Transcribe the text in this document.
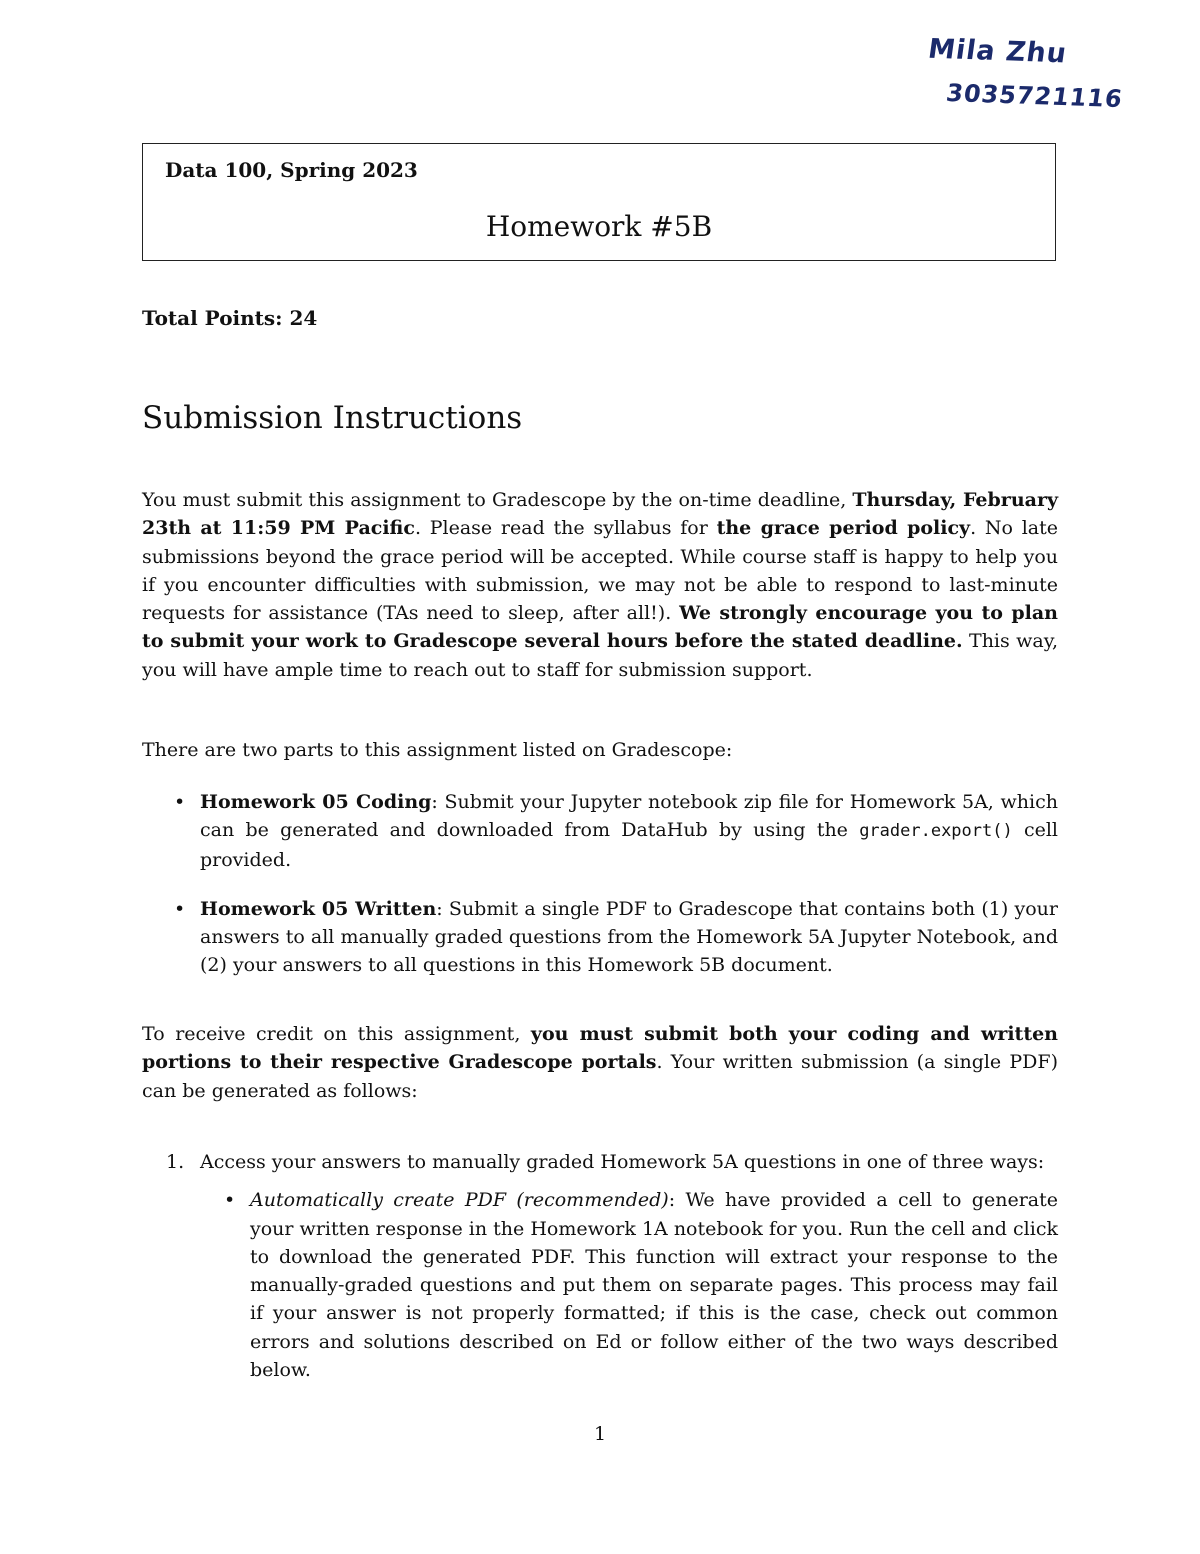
Mila Zhu
3035721116
Data 100, Spring 2023
Homework #5B
Total Points: 24
Submission Instructions
You must submit this assignment to Gradescope by the on-time deadline, Thursday, February 23th at 11:59 PM Pacific. Please read the syllabus for the grace period policy. No late submissions beyond the grace period will be accepted. While course staff is happy to help you if you encounter difficulties with submission, we may not be able to respond to last-minute requests for assistance (TAs need to sleep, after all!). We strongly encourage you to plan to submit your work to Gradescope several hours before the stated deadline. This way, you will have ample time to reach out to staff for submission support.
There are two parts to this assignment listed on Gradescope:
• Homework 05 Coding: Submit your Jupyter notebook zip file for Homework 5A, which can be generated and downloaded from DataHub by using the grader.export() cell provided.
• Homework 05 Written: Submit a single PDF to Gradescope that contains both (1) your answers to all manually graded questions from the Homework 5A Jupyter Notebook, and (2) your answers to all questions in this Homework 5B document.
To receive credit on this assignment, you must submit both your coding and written portions to their respective Gradescope portals. Your written submission (a single PDF) can be generated as follows:
1. Access your answers to manually graded Homework 5A questions in one of three ways:
• Automatically create PDF (recommended): We have provided a cell to generate your written response in the Homework 1A notebook for you. Run the cell and click to download the generated PDF. This function will extract your response to the manually-graded questions and put them on separate pages. This process may fail if your answer is not properly formatted; if this is the case, check out common errors and solutions described on Ed or follow either of the two ways described below.
1
